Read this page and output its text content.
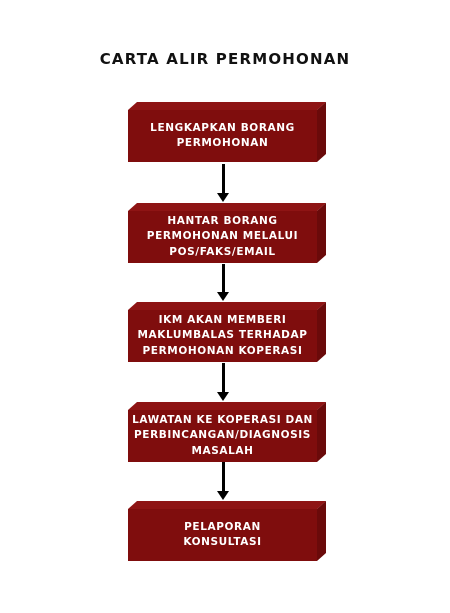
CARTA ALIR PERMOHONAN
LENGKAPKAN BORANG
PERMOHONAN
HANTAR BORANG
PERMOHONAN MELALUI
POS/FAKS/EMAIL
IKM AKAN MEMBERI
MAKLUMBALAS TERHADAP
PERMOHONAN KOPERASI
LAWATAN KE KOPERASI DAN
PERBINCANGAN/DIAGNOSIS
MASALAH
PELAPORAN
KONSULTASI
